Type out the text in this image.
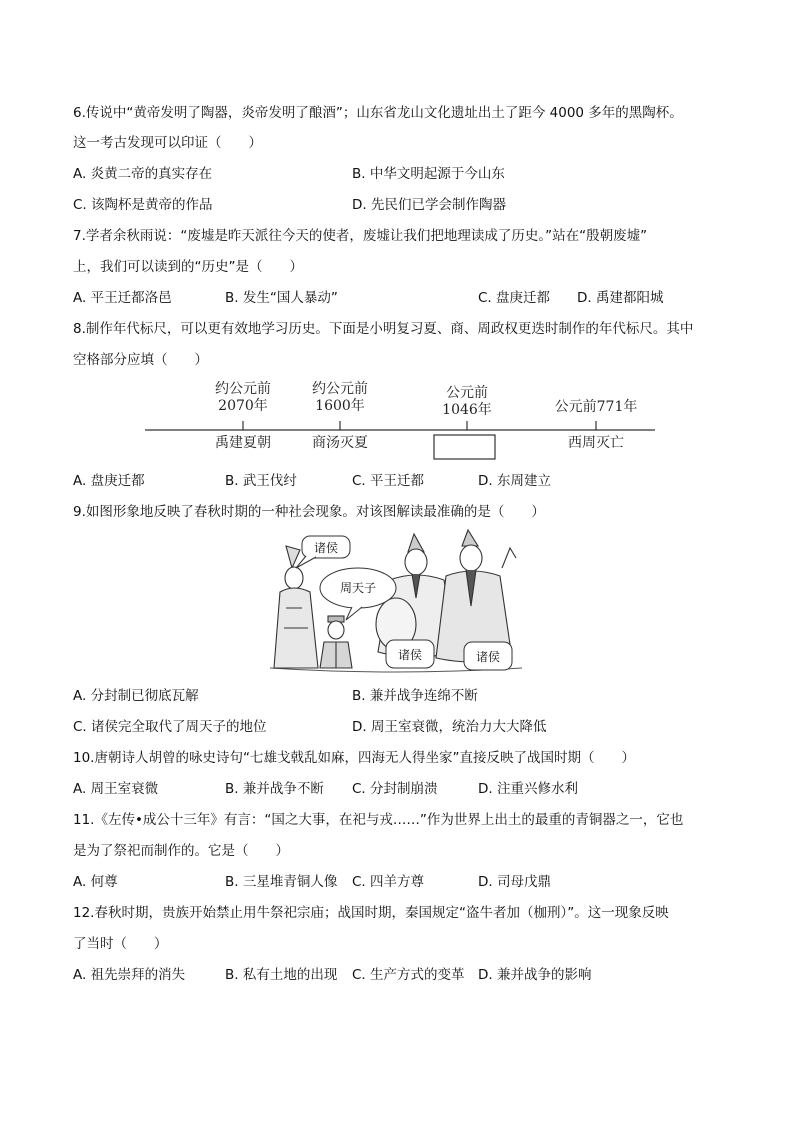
6.传说中“黄帝发明了陶器，炎帝发明了酿酒”；山东省龙山文化遗址出土了距今 4000 多年的黑陶杯。
这一考古发现可以印证（　　）
A. 炎黄二帝的真实存在	B. 中华文明起源于今山东
C. 该陶杯是黄帝的作品	D. 先民们已学会制作陶器
7.学者余秋雨说：“废墟是昨天派往今天的使者，废墟让我们把地理读成了历史。”站在“殷朝废墟”
上，我们可以读到的“历史”是（　　）
A. 平王迁都洛邑	B. 发生“国人暴动”	C. 盘庚迁都 D. 禹建都阳城
8.制作年代标尺，可以更有效地学习历史。下面是小明复习夏、商、周政权更迭时制作的年代标尺。其中
空格部分应填（　　）
约公元前
2070年
约公元前
1600年
公元前
1046年	公元前771年
禹建夏朝	商汤灭夏	西周灭亡
A. 盘庚迁都	B. 武王伐纣	C. 平王迁都	D. 东周建立
9.如图形象地反映了春秋时期的一种社会现象。对该图解读最准确的是（　　）
诸侯
周天子
诸侯	诸侯
A. 分封制已彻底瓦解	B. 兼并战争连绵不断
C. 诸侯完全取代了周天子的地位	D. 周王室衰微，统治力大大降低
10.唐朝诗人胡曾的咏史诗句“七雄戈戟乱如麻，四海无人得坐家”直接反映了战国时期（　　）
A. 周王室衰微	B. 兼并战争不断 C. 分封制崩溃	D. 注重兴修水利
11.《左传•成公十三年》有言：“国之大事，在祀与戎……”作为世界上出土的最重的青铜器之一，它也
是为了祭祀而制作的。它是（　　）
A. 何尊	B. 三星堆青铜人像 C. 四羊方尊	D. 司母戊鼎
12.春秋时期，贵族开始禁止用牛祭祀宗庙；战国时期，秦国规定“盗牛者加（枷刑）”。这一现象反映
了当时（　　）
A. 祖先崇拜的消失	B. 私有土地的出现 C. 生产方式的变革 D. 兼并战争的影响
